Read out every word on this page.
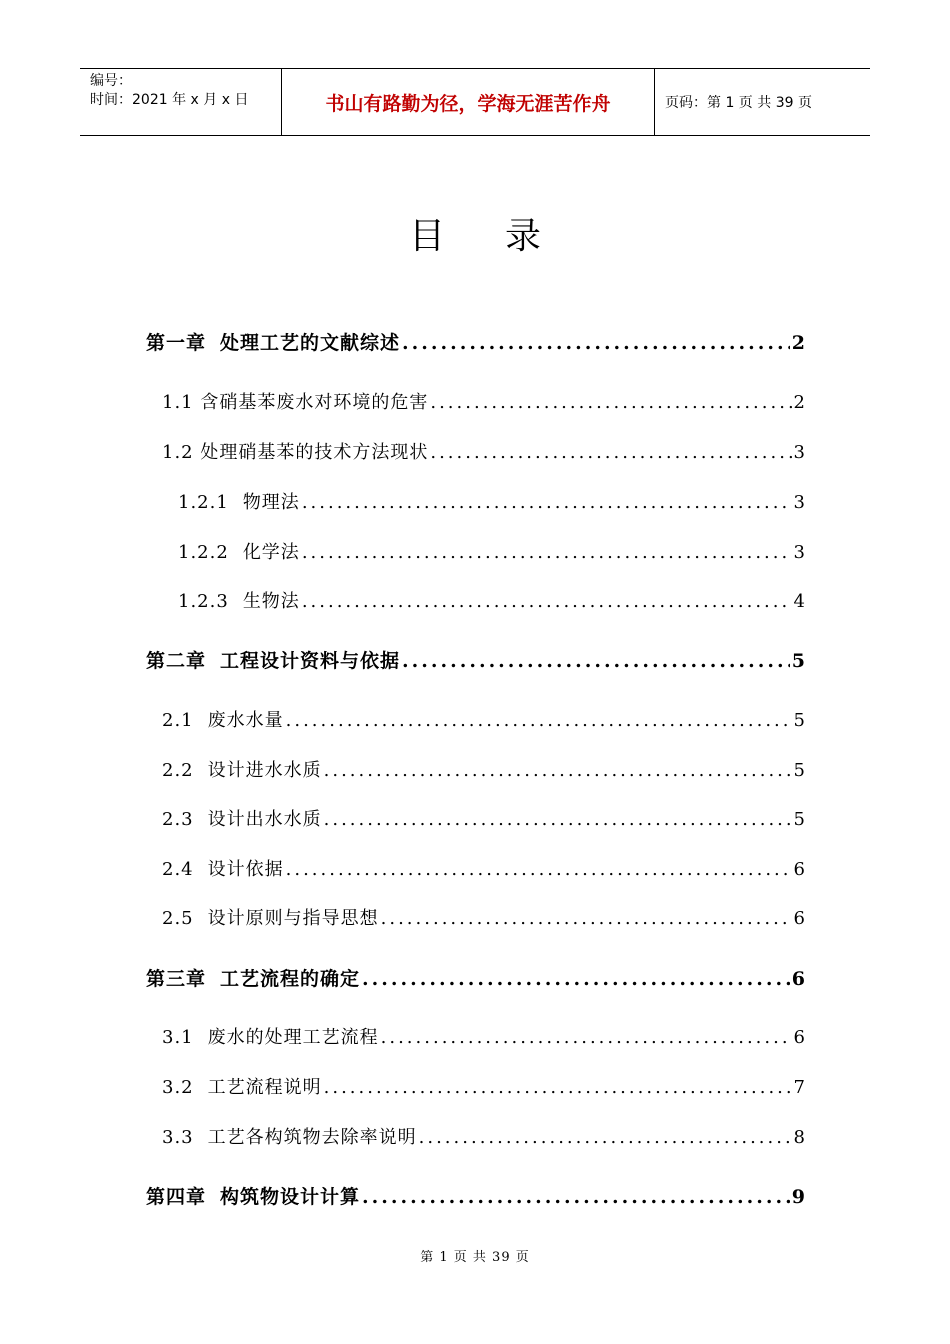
编号：
时间：2021 年 x 月 x 日	书山有路勤为径，学海无涯苦作舟	页码：第 1 页 共 39 页
目录
第一章 处理工艺的文献综述 .....	2
1.1 含硝基苯废水对环境的危害 .....	2
1.2 处理硝基苯的技术方法现状 .....	3
1.2.1 物理法 .....	3
1.2.2 化学法 .....	3
1.2.3 生物法 .....	4
第二章 工程设计资料与依据 .....	5
2.1 废水水量 .....	5
2.2 设计进水水质 .....	5
2.3 设计出水水质 .....	5
2.4 设计依据 .....	6
2.5 设计原则与指导思想 .....	6
第三章 工艺流程的确定 .....	6
3.1 废水的处理工艺流程 .....	6
3.2 工艺流程说明 .....	7
3.3 工艺各构筑物去除率说明 .....	8
第四章 构筑物设计计算 .....	9
第 1 页 共 39 页
